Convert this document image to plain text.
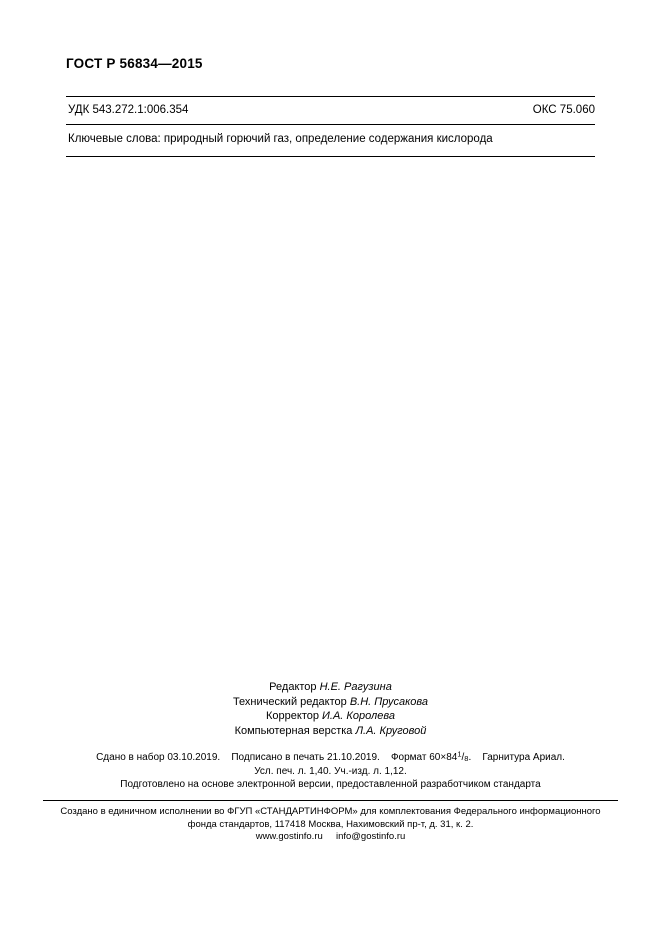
ГОСТ Р 56834—2015
УДК 543.272.1:006.354	ОКС 75.060
Ключевые слова: природный горючий газ, определение содержания кислорода
Редактор Н.Е. Рагузина
Технический редактор В.Н. Прусакова
Корректор И.А. Королева
Компьютерная верстка Л.А. Круговой
Сдано в набор 03.10.2019. Подписано в печать 21.10.2019. Формат $60\times 84^1/_8$.    Гарнитура Ариал.
Усл. печ. л. 1,40. Уч.-изд. л. 1,12.
Подготовлено на основе электронной версии, предоставленной разработчиком стандарта
Создано в единичном исполнении во ФГУП «СТАНДАРТИНФОРМ» для комплектования Федерального информационного
фонда стандартов, 117418 Москва, Нахимовский пр-т, д. 31, к. 2.
www.gostinfo.ru info@gostinfo.ru
